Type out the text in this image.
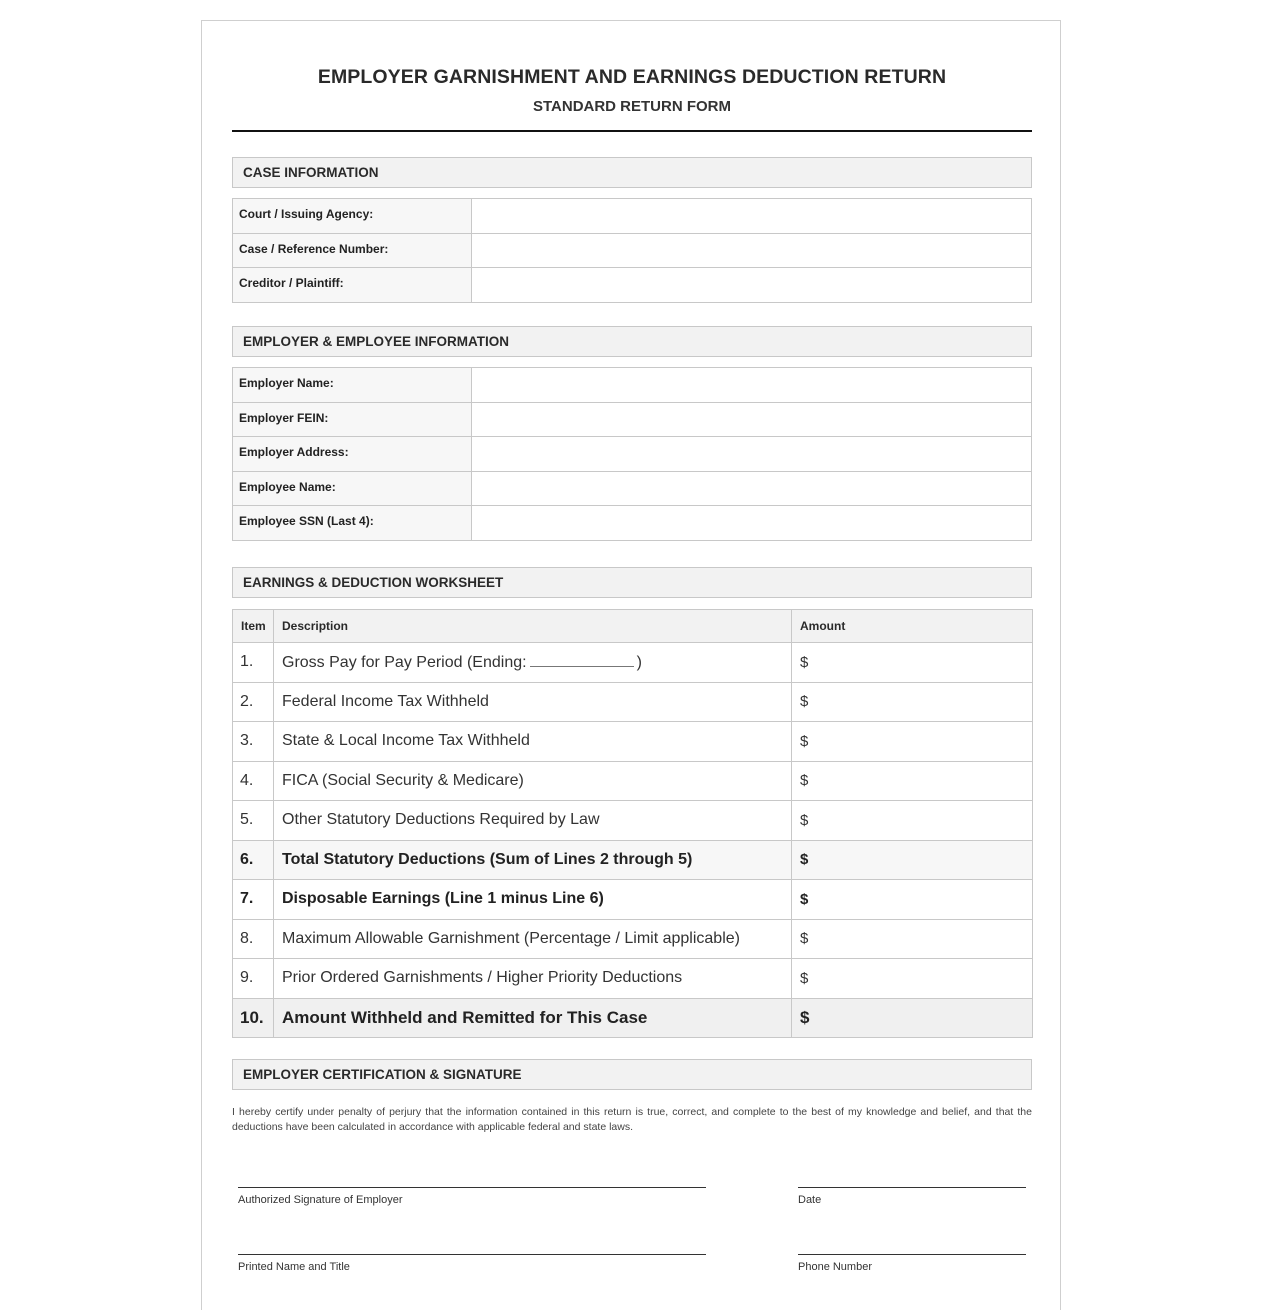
EMPLOYER GARNISHMENT AND EARNINGS DEDUCTION RETURN
STANDARD RETURN FORM
CASE INFORMATION
Court / Issuing Agency:	
Case / Reference Number:	
Creditor / Plaintiff:	
EMPLOYER & EMPLOYEE INFORMATION
Employer Name:	
Employer FEIN:	
Employer Address:	
Employee Name:	
Employee SSN (Last 4):	
EARNINGS & DEDUCTION WORKSHEET
Item	Description	Amount
1.	Gross Pay for Pay Period (Ending: )	$
2.	Federal Income Tax Withheld	$
3.	State & Local Income Tax Withheld	$
4.	FICA (Social Security & Medicare)	$
5.	Other Statutory Deductions Required by Law	$
6.	Total Statutory Deductions (Sum of Lines 2 through 5)	$
7.	Disposable Earnings (Line 1 minus Line 6)	$
8.	Maximum Allowable Garnishment (Percentage / Limit applicable)	$
9.	Prior Ordered Garnishments / Higher Priority Deductions	$
10.	Amount Withheld and Remitted for This Case	$
EMPLOYER CERTIFICATION & SIGNATURE
I hereby certify under penalty of perjury that the information contained in this return is true, correct, and complete to the best of my knowledge and belief, and that the deductions have been calculated in accordance with applicable federal and state laws.
Authorized Signature of Employer	Date
Printed Name and Title	Phone Number
